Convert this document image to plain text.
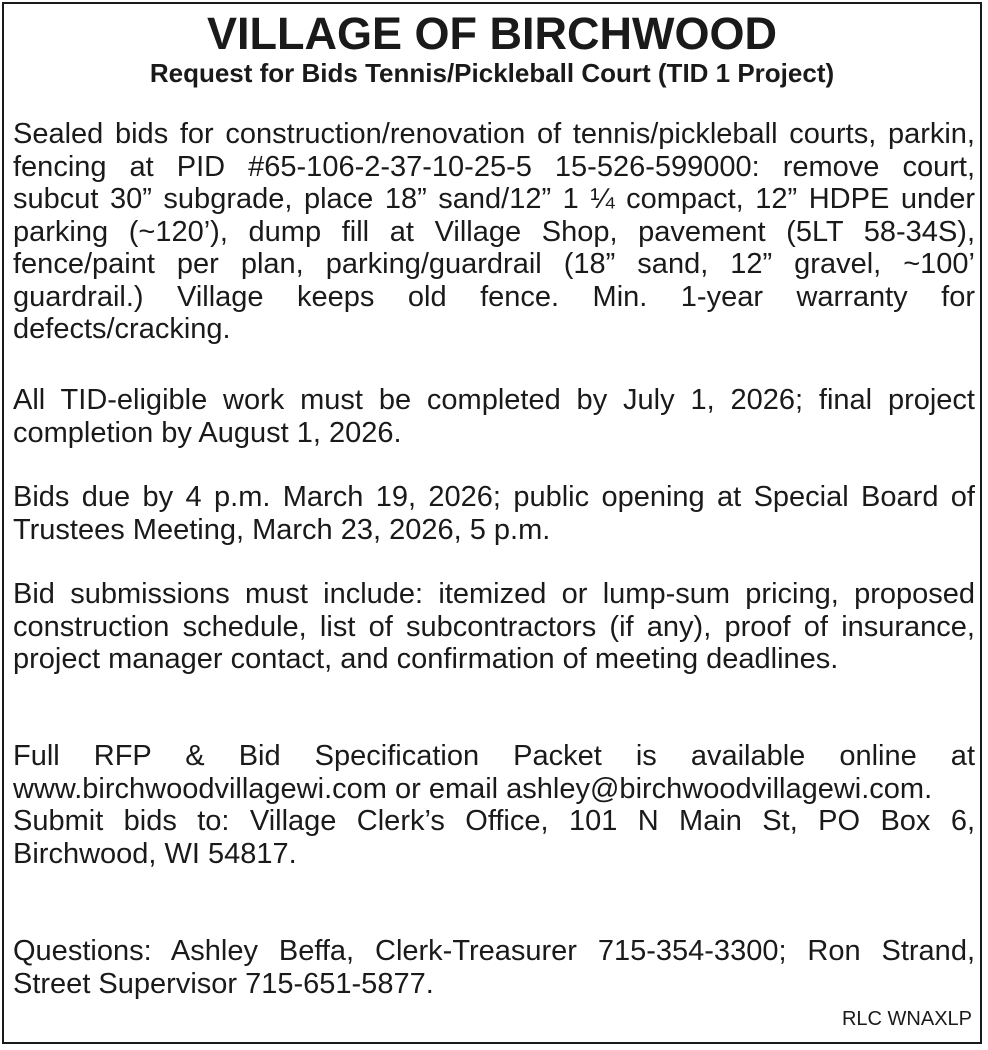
VILLAGE OF BIRCHWOOD
Request for Bids Tennis/Pickleball Court (TID 1 Project)

Sealed bids for construction/renovation of tennis/pickleball courts, parkin, fencing at PID #65-106-2-37-10-25-5 15-526-599000: remove court, subcut 30” subgrade, place 18” sand/12” 1 ¼ compact, 12” HDPE under parking (~120’), dump fill at Village Shop, pavement (5LT 58-34S), fence/paint per plan, parking/guardrail (18” sand, 12” gravel, ~100’ guardrail.) Village keeps old fence. Min. 1-year warranty for defects/cracking.

All TID-eligible work must be completed by July 1, 2026; final project completion by August 1, 2026.

Bids due by 4 p.m. March 19, 2026; public opening at Special Board of Trustees Meeting, March 23, 2026, 5 p.m.

Bid submissions must include: itemized or lump-sum pricing, proposed construction schedule, list of subcontractors (if any), proof of insurance, project manager contact, and confirmation of meeting deadlines.

Full RFP & Bid Specification Packet is available online at www.birchwoodvillagewi.com or email ashley@birchwoodvillagewi.com.
Submit bids to: Village Clerk’s Office, 101 N Main St, PO Box 6, Birchwood, WI 54817.

Questions: Ashley Beffa, Clerk-Treasurer 715-354-3300; Ron Strand, Street Supervisor 715-651-5877.

RLC WNAXLP
